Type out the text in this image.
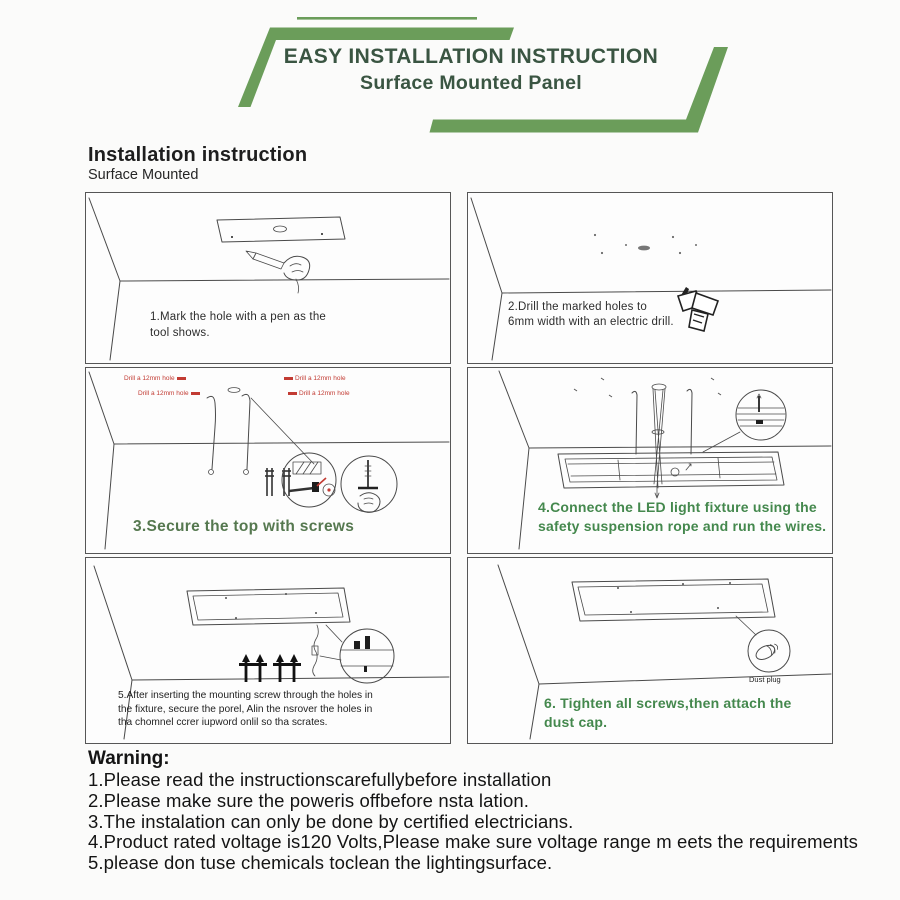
EASY INSTALLATION INSTRUCTION
Surface Mounted Panel
Installation instruction
Surface Mounted
1.Mark the hole with a pen as the
tool shows.
2.Drill the marked holes to
6mm width with an electric drill.
Drill a 12mm hole
Drill a 12mm hole
Drill a 12mm hole
Drill a 12mm hole
3.Secure the top with screws
4.Connect the LED light fixture using the
safety suspension rope and run the wires.
5.After inserting the mounting screw through the holes in
the fixture, secure the porel, Alin the nsrover the holes in
tha chomnel ccrer iupword onlil so tha scrates.
Dust plug
6. Tighten all screws,then attach the
dust cap.
Warning:
1.Please read the instructionscarefullybefore installation
2.Please make sure the poweris offbefore nsta lation.
3.The instalation can only be done by certified electricians.
4.Product rated voltage is120 Volts,Please make sure voltage range m eets the requirements
5.please don tuse chemicals toclean the lightingsurface.
